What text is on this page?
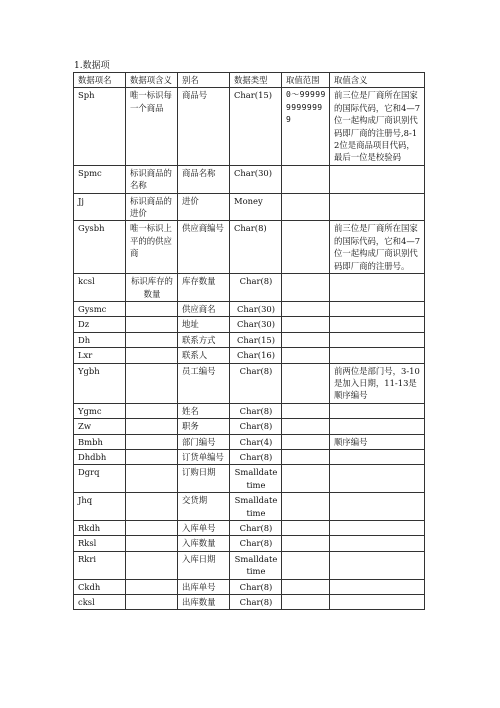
1.数据项
数据项名	数据项含义	别名	数据类型	取值范围	取值含义
Sph	唯一标识每一个商品	商品号	Char(15)	0～9999999999999	前三位是厂商所在国家的国际代码，它和4—7位一起构成厂商识别代码即厂商的注册号,8-12位是商品项目代码，最后一位是校验码
Spmc	标识商品的名称	商品名称	Char(30)		
Jj	标识商品的进价	进价	Money		
Gysbh	唯一标识上平的的供应商	供应商编号	Char(8)		前三位是厂商所在国家的国际代码，它和4—7位一起构成厂商识别代码即厂商的注册号。
kcsl	标识库存的数量	库存数量	Char(8)		
Gysmc		供应商名	Char(30)		
Dz		地址	Char(30)		
Dh		联系方式	Char(15)		
Lxr		联系人	Char(16)		
Ygbh		员工编号	Char(8)		前两位是部门号，3-10是加入日期，11-13是顺序编号
Ygmc		姓名	Char(8)		
Zw		职务	Char(8)		
Bmbh		部门编号	Char(4)		顺序编号
Dhdbh		订货单编号	Char(8)		
Dgrq		订购日期	Smalldatetime		
Jhq		交货期	Smalldatetime		
Rkdh		入库单号	Char(8)		
Rksl		入库数量	Char(8)		
Rkri		入库日期	Smalldatetime		
Ckdh		出库单号	Char(8)		
cksl		出库数量	Char(8)		
